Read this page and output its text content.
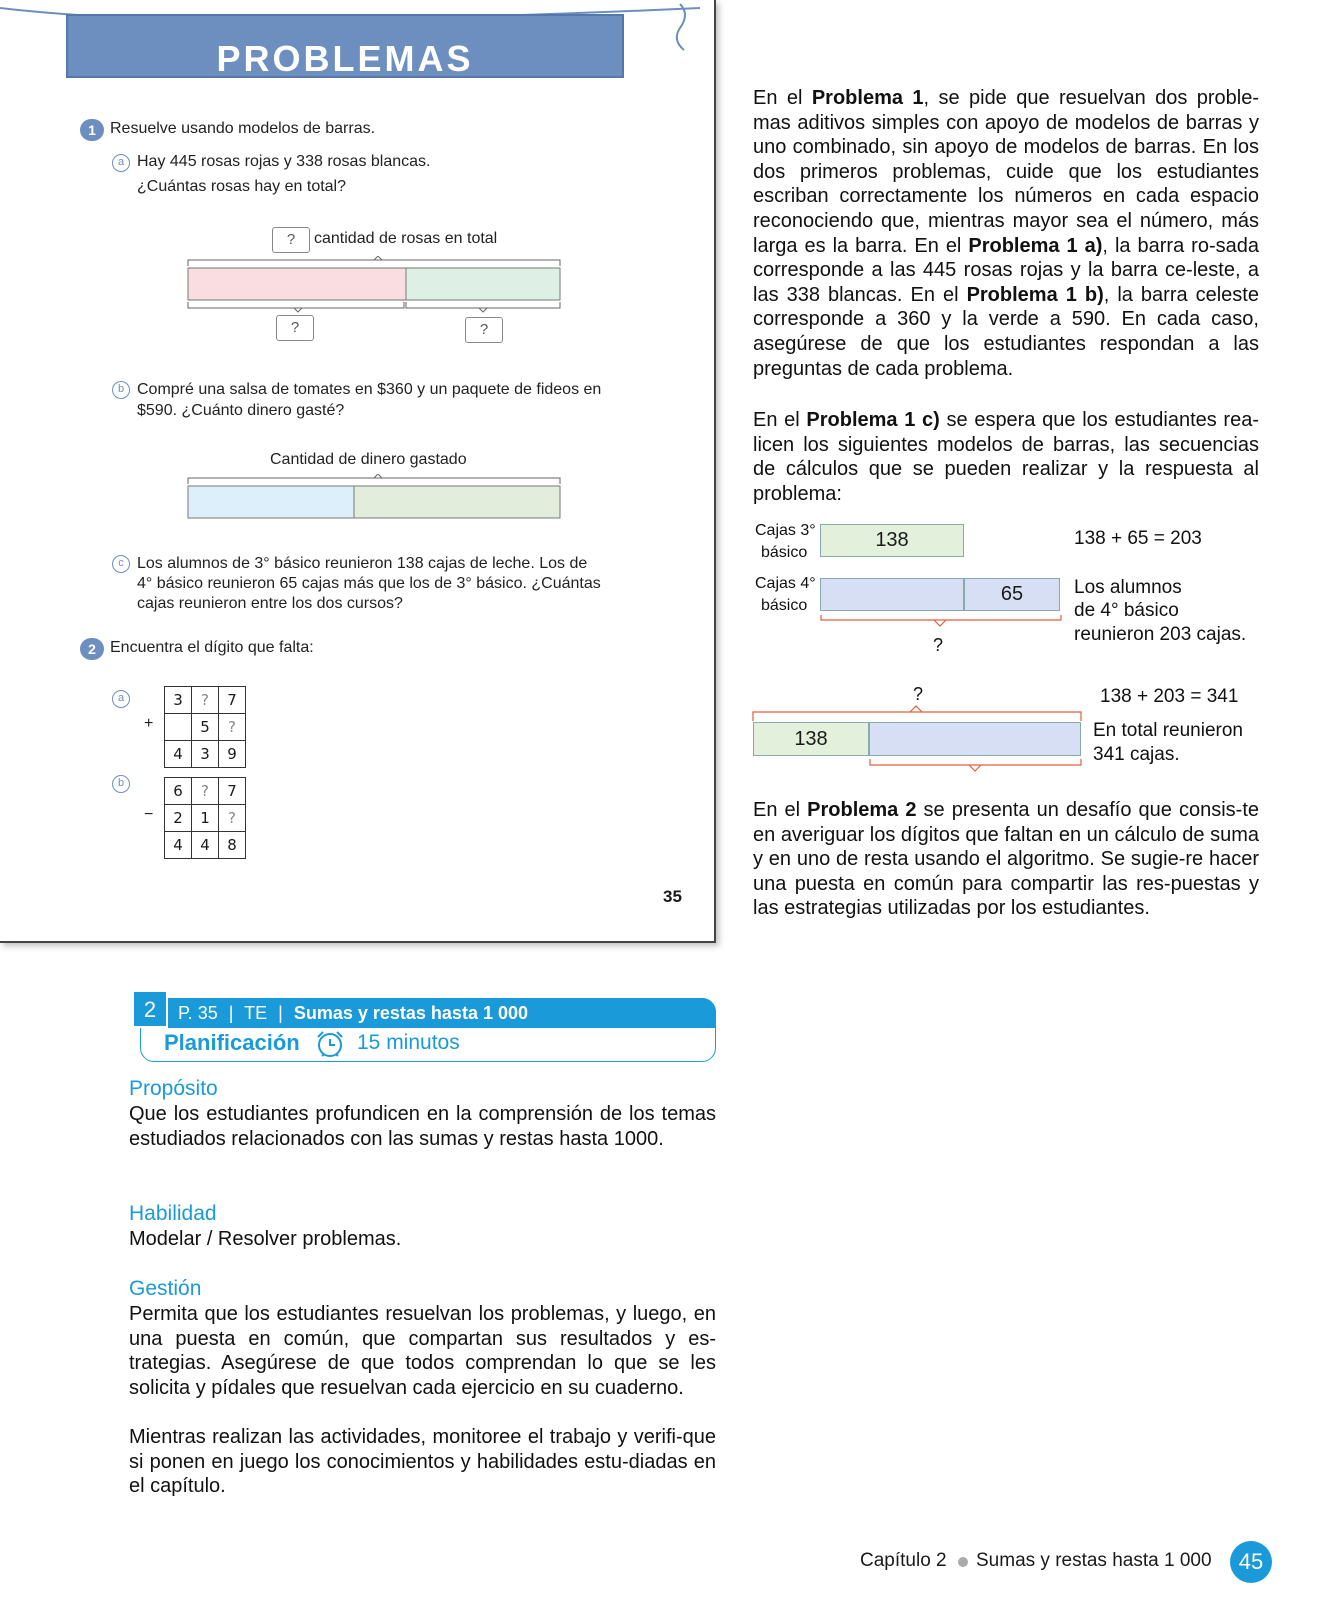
PROBLEMAS
1 Resuelve usando modelos de barras.
a Hay 445 rosas rojas y 338 rosas blancas.
¿Cuántas rosas hay en total?
?	cantidad de rosas en total
?	?
b Compré una salsa de tomates en $360 y un paquete de fideos en
$590. ¿Cuánto dinero gasté?
Cantidad de dinero gastado
c Los alumnos de 3° básico reunieron 138 cajas de leche. Los de
4° básico reunieron 65 cajas más que los de 3° básico. ¿Cuántas
cajas reunieron entre los dos cursos?
2 Encuentra el dígito que falta:
a
+
3	?	7
	5	?
4	3	9
b
−
6	?	7
2	1	?
4	4	8
35
En el Problema 1, se pide que resuelvan dos proble-mas aditivos simples con apoyo de modelos de barras y uno combinado, sin apoyo de modelos de barras. En los dos primeros problemas, cuide que los estudiantes escriban correctamente los números en cada espacio reconociendo que, mientras mayor sea el número, más larga es la barra. En el Problema 1 a), la barra ro-sada corresponde a las 445 rosas rojas y la barra ce-leste, a las 338 blancas. En el Problema 1 b), la barra celeste corresponde a 360 y la verde a 590. En cada caso, asegúrese de que los estudiantes respondan a las preguntas de cada problema.
En el Problema 1 c) se espera que los estudiantes rea-licen los siguientes modelos de barras, las secuencias de cálculos que se pueden realizar y la respuesta al problema:
Cajas 3°
básico
138	138 + 65 = 203
Cajas 4°
básico
65
?
Los alumnos
de 4° básico
reunieron 203 cajas.
?
138
138 + 203 = 341
En total reunieron
341 cajas.
En el Problema 2 se presenta un desafío que consis-te en averiguar los dígitos que faltan en un cálculo de suma y en uno de resta usando el algoritmo. Se sugie-re hacer una puesta en común para compartir las res-puestas y las estrategias utilizadas por los estudiantes.
P. 35 | TE | Sumas y restas hasta 1 000
2
Planificación	15 minutos
Propósito
Que los estudiantes profundicen en la comprensión de los temas estudiados relacionados con las sumas y restas hasta 1000.
Habilidad
Modelar / Resolver problemas.
Gestión
Permita que los estudiantes resuelvan los problemas, y luego, en una puesta en común, que compartan sus resultados y es-trategias. Asegúrese de que todos comprendan lo que se les solicita y pídales que resuelvan cada ejercicio en su cuaderno.
Mientras realizan las actividades, monitoree el trabajo y verifi-que si ponen en juego los conocimientos y habilidades estu-diadas en el capítulo.
Capítulo 2 Sumas y restas hasta 1 000	45
